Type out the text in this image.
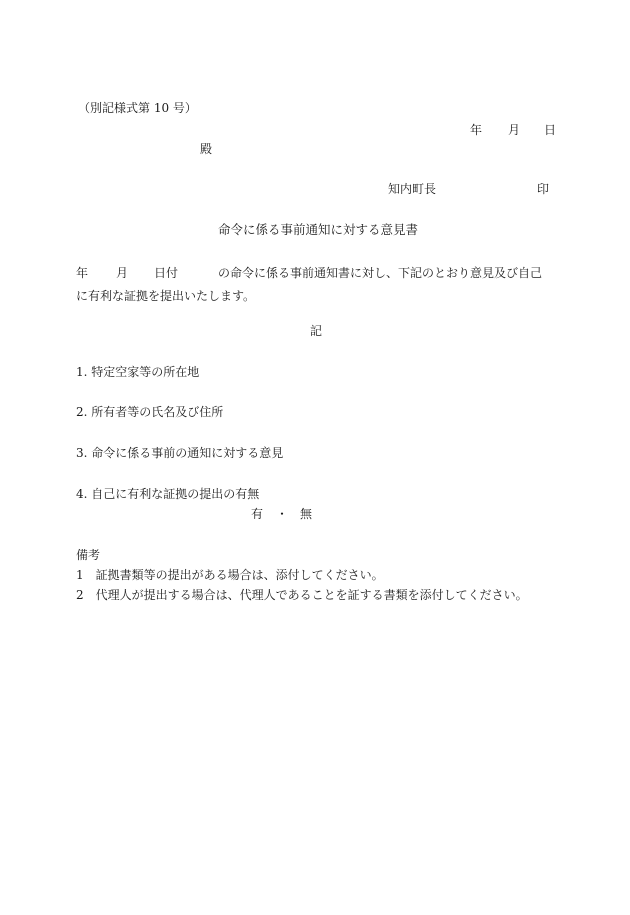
（別記様式第 10 号）
年 月 日
殿
知内町長	印
命令に係る事前通知に対する意見書
年 月 日付	の命令に係る事前通知書に対し、下記のとおり意見及び自己
に有利な証拠を提出いたします。
記
1. 特定空家等の所在地
2. 所有者等の氏名及び住所
3. 命令に係る事前の通知に対する意見
4. 自己に有利な証拠の提出の有無
有 ・ 無
備考
1　証拠書類等の提出がある場合は、添付してください。
2　代理人が提出する場合は、代理人であることを証する書類を添付してください。
